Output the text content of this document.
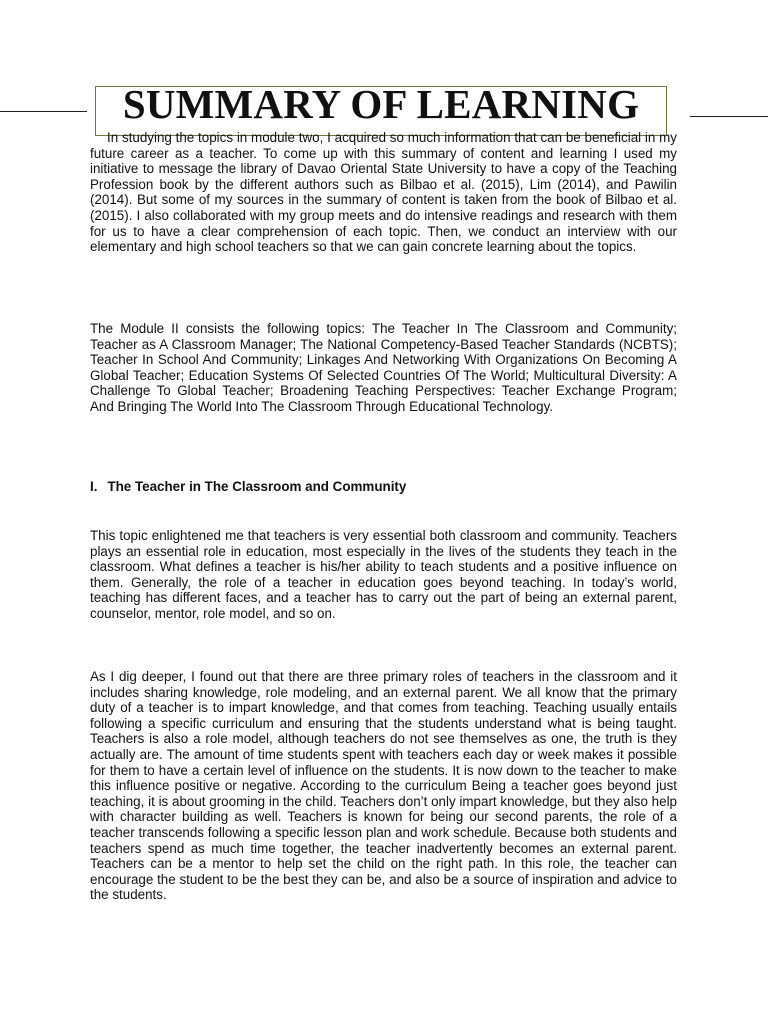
SUMMARY OF LEARNING

In studying the topics in module two, I acquired so much information that can be beneficial in my future career as a teacher. To come up with this summary of content and learning I used my initiative to message the library of Davao Oriental State University to have a copy of the Teaching Profession book by the different authors such as Bilbao et al. (2015), Lim (2014), and Pawilin (2014). But some of my sources in the summary of content is taken from the book of Bilbao et al. (2015). I also collaborated with my group meets and do intensive readings and research with them for us to have a clear comprehension of each topic. Then, we conduct an interview with our elementary and high school teachers so that we can gain concrete learning about the topics.

The Module II consists the following topics: The Teacher In The Classroom and Community; Teacher as A Classroom Manager; The National Competency-Based Teacher Standards (NCBTS); Teacher In School And Community; Linkages And Networking With Organizations On Becoming A Global Teacher; Education Systems Of Selected Countries Of The World; Multicultural Diversity: A Challenge To Global Teacher; Broadening Teaching Perspectives: Teacher Exchange Program; And Bringing The World Into The Classroom Through Educational Technology.

I. The Teacher in The Classroom and Community

This topic enlightened me that teachers is very essential both classroom and community. Teachers plays an essential role in education, most especially in the lives of the students they teach in the classroom. What defines a teacher is his/her ability to teach students and a positive influence on them. Generally, the role of a teacher in education goes beyond teaching. In today’s world, teaching has different faces, and a teacher has to carry out the part of being an external parent, counselor, mentor, role model, and so on.

As I dig deeper, I found out that there are three primary roles of teachers in the classroom and it includes sharing knowledge, role modeling, and an external parent. We all know that the primary duty of a teacher is to impart knowledge, and that comes from teaching. Teaching usually entails following a specific curriculum and ensuring that the students understand what is being taught. Teachers is also a role model, although teachers do not see themselves as one, the truth is they actually are. The amount of time students spent with teachers each day or week makes it possible for them to have a certain level of influence on the students. It is now down to the teacher to make this influence positive or negative. According to the curriculum Being a teacher goes beyond just teaching, it is about grooming in the child. Teachers don’t only impart knowledge, but they also help with character building as well. Teachers is known for being our second parents, the role of a teacher transcends following a specific lesson plan and work schedule. Because both students and teachers spend as much time together, the teacher inadvertently becomes an external parent. Teachers can be a mentor to help set the child on the right path. In this role, the teacher can encourage the student to be the best they can be, and also be a source of inspiration and advice to the students.
